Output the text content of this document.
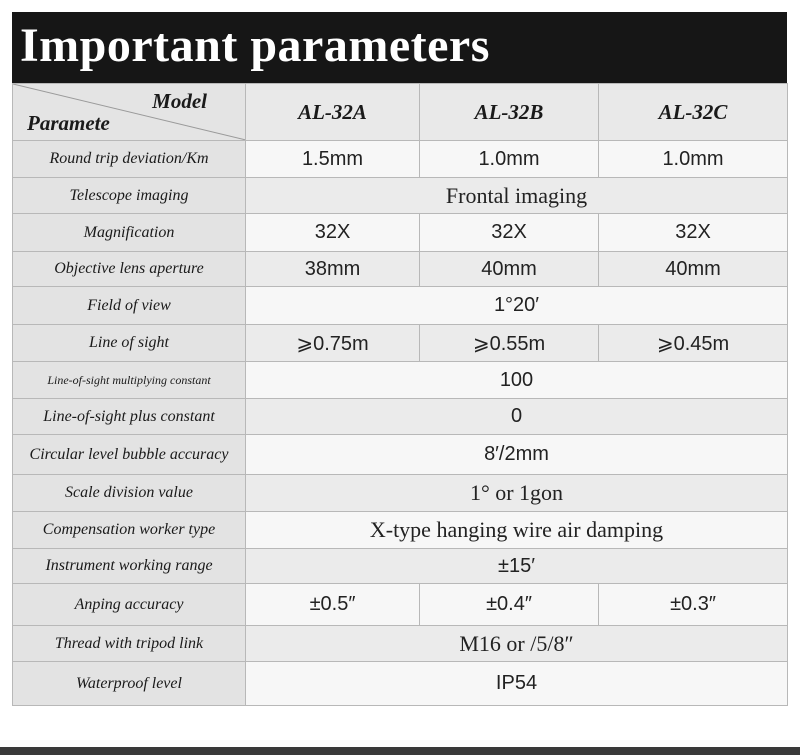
Important parameters
Model
Paramete	AL-32A	AL-32B	AL-32C
Round trip deviation/Km	1.5mm	1.0mm	1.0mm
Telescope imaging	Frontal imaging		
Magnification	32X	32X	32X
Objective lens aperture	38mm	40mm	40mm
Field of view	1°20′		
Line of sight	⩾0.75m	⩾0.55m	⩾0.45m
Line-of-sight multiplying constant	100		
Line-of-sight plus constant	0		
Circular level bubble accuracy	8′/2mm		
Scale division value	1° or 1gon		
Compensation worker type	X-type hanging wire air damping		
Instrument working range	±15′		
Anping accuracy	±0.5″	±0.4″	±0.3″
Thread with tripod link	M16 or /5/8″		
Waterproof level	IP54		
